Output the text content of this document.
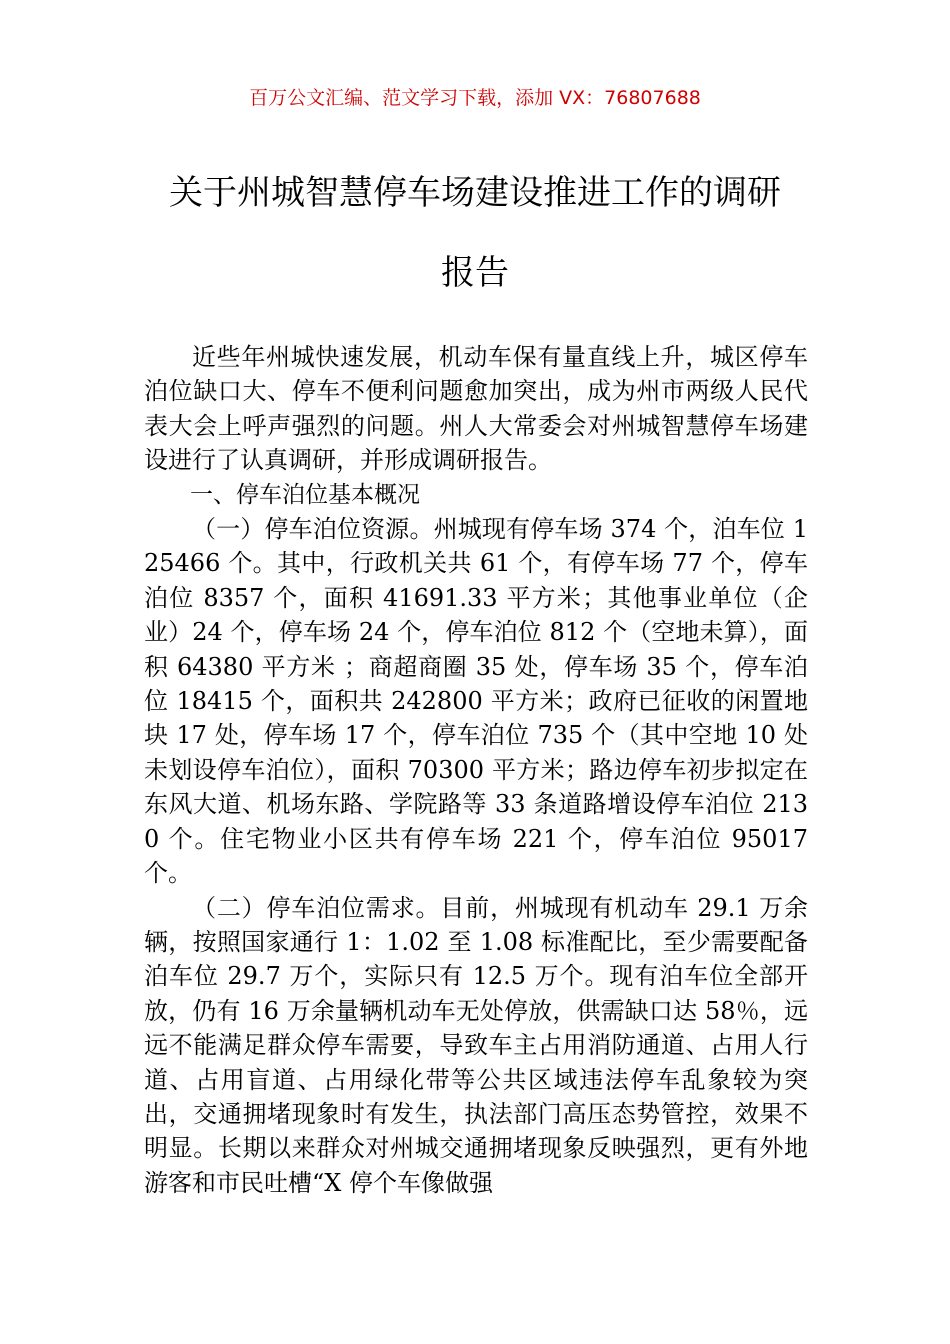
百万公文汇编、范文学习下载，添加 VX：76807688
关于州城智慧停车场建设推进工作的调研
报告

近些年州城快速发展，机动车保有量直线上升，城区停车泊位缺口大、停车不便利问题愈加突出，成为州市两级人民代表大会上呼声强烈的问题。州人大常委会对州城智慧停车场建设进行了认真调研，并形成调研报告。

一、停车泊位基本概况

（一）停车泊位资源。州城现有停车场 374 个，泊车位 125466 个。其中，行政机关共 61 个，有停车场 77 个，停车泊位 8357 个，面积 41691.33 平方米；其他事业单位（企业）24 个，停车场 24 个，停车泊位 812 个（空地未算），面积 64380 平方米 ；商超商圈 35 处，停车场 35 个，停车泊位 18415 个，面积共 242800 平方米；政府已征收的闲置地块 17 处，停车场 17 个，停车泊位 735 个（其中空地 10 处未划设停车泊位），面积 70300 平方米；路边停车初步拟定在东风大道、机场东路、学院路等 33 条道路增设停车泊位 2130 个。住宅物业小区共有停车场 221 个，停车泊位 95017 个。

（二）停车泊位需求。目前，州城现有机动车 29.1 万余辆，按照国家通行 1：1.02 至 1.08 标准配比，至少需要配备泊车位 29.7 万个，实际只有 12.5 万个。现有泊车位全部开放，仍有 16 万余量辆机动车无处停放，供需缺口达 58％，远远不能满足群众停车需要，导致车主占用消防通道、占用人行道、占用盲道、占用绿化带等公共区域违法停车乱象较为突出，交通拥堵现象时有发生，执法部门高压态势管控，效果不明显。长期以来群众对州城交通拥堵现象反映强烈，更有外地游客和市民吐槽“X 停个车像做强
